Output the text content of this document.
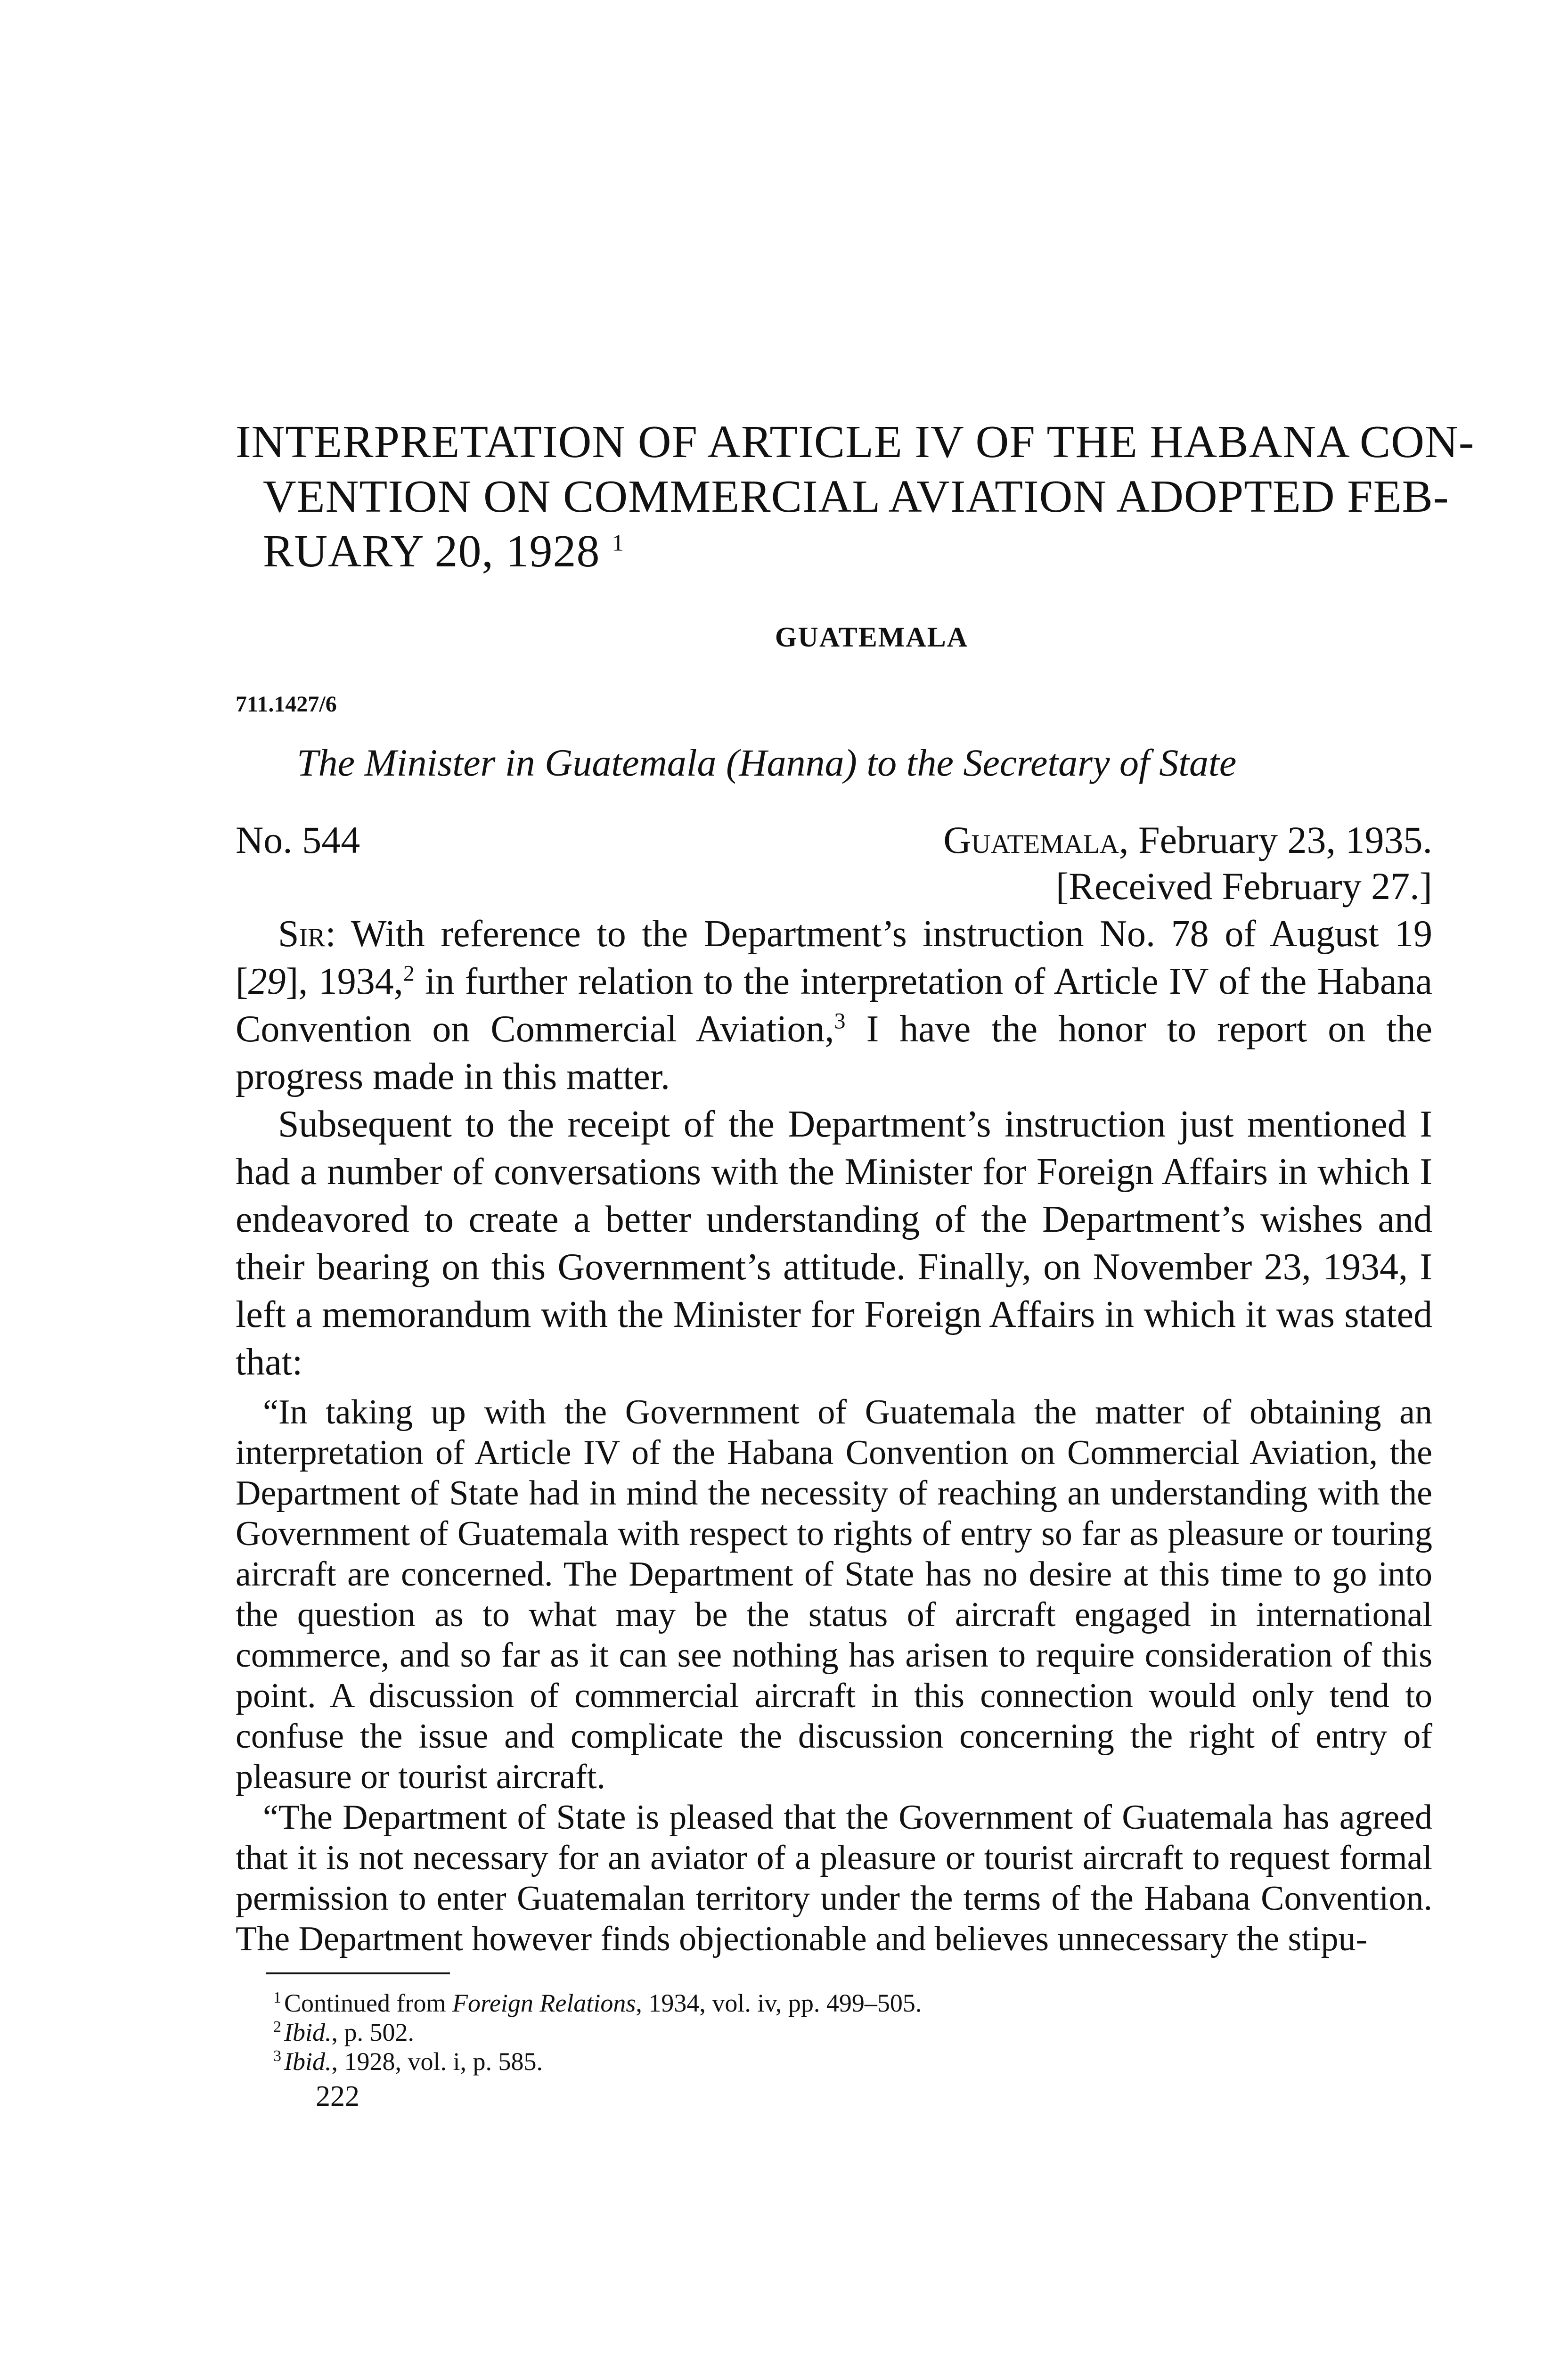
INTERPRETATION OF ARTICLE IV OF THE HABANA CON-
VENTION ON COMMERCIAL AVIATION ADOPTED FEB-
RUARY 20, 1928 $^1$
GUATEMALA
711.1427/6
The Minister in Guatemala (Hanna) to the Secretary of State
No. 544	Guatemala, February 23, 1935.
[Received February 27.]

Sir: With reference to the Department’s instruction No. 78 of August 19 [29], 1934,$^2$ in further relation to the interpretation of Article IV of the Habana Convention on Commercial Aviation,$^3$ I have the honor to report on the progress made in this matter.

Subsequent to the receipt of the Department’s instruction just mentioned I had a number of conversations with the Minister for Foreign Affairs in which I endeavored to create a better understanding of the Department’s wishes and their bearing on this Government’s attitude. Finally, on November 23, 1934, I left a memorandum with the Minister for Foreign Affairs in which it was stated that:

“In taking up with the Government of Guatemala the matter of obtaining an interpretation of Article IV of the Habana Convention on Commercial Aviation, the Department of State had in mind the necessity of reaching an understanding with the Government of Guatemala with respect to rights of entry so far as pleasure or touring aircraft are concerned. The Department of State has no desire at this time to go into the question as to what may be the status of aircraft engaged in international commerce, and so far as it can see nothing has arisen to require consideration of this point. A discussion of commercial aircraft in this connection would only tend to confuse the issue and complicate the discussion concerning the right of entry of pleasure or tourist aircraft.

“The Department of State is pleased that the Government of Guatemala has agreed that it is not necessary for an aviator of a pleasure or tourist aircraft to request formal permission to enter Guatemalan territory under the terms of the Habana Convention. The Department however finds objectionable and believes unnecessary the stipu-

$^1$ Continued from Foreign Relations, 1934, vol. iv, pp. 499–505.

$^2$ Ibid., p. 502.

$^3$ Ibid., 1928, vol. i, p. 585.

222
